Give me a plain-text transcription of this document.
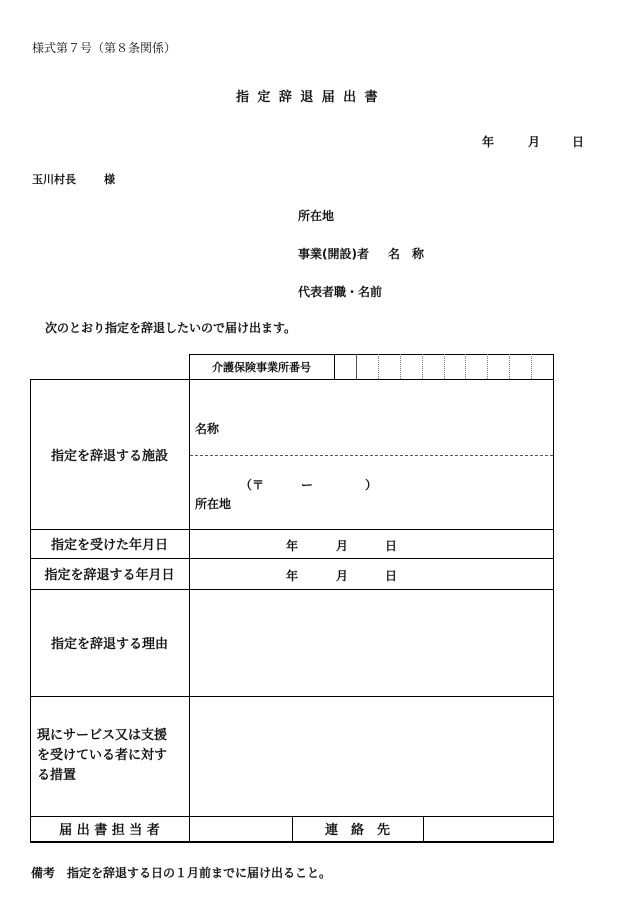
様式第７号（第８条関係）
指 定 辞 退 届 出 書
年	月	日
玉川村長	様
所在地
事業(開設)者 名　称
代表者職・名前
次のとおり指定を辞退したいので届け出ます。
介護保険事業所番号
指定を辞退する施設
名称
（〒	ー	）
所在地
指定を受けた年月日	年	月	日
指定を辞退する年月日	年	月	日
指定を辞退する理由
現にサービス又は支援
を受けている者に対す
る措置
届 出 書 担 当 者	連　絡　先
備考　指定を辞退する日の１月前までに届け出ること。
